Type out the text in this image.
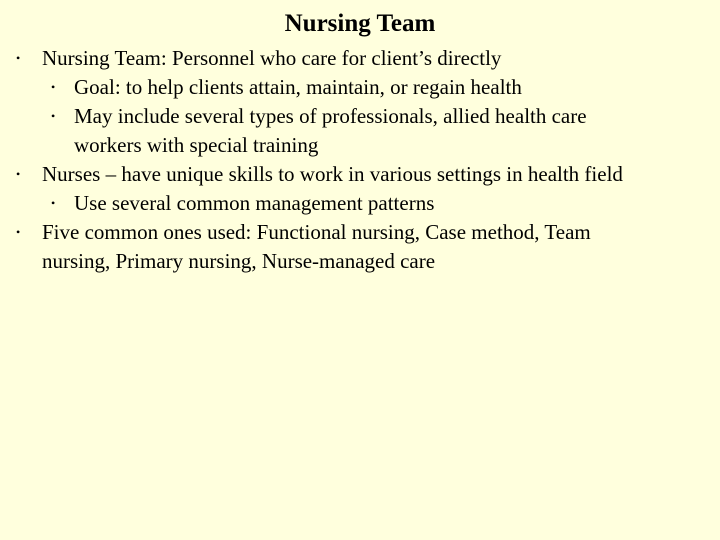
Nursing Team
• Nursing Team: Personnel who care for client’s directly
• Goal: to help clients attain, maintain, or regain health
• May include several types of professionals, allied health care
workers with special training
• Nurses – have unique skills to work in various settings in health field
• Use several common management patterns
• Five common ones used: Functional nursing, Case method, Team
nursing, Primary nursing, Nurse-managed care
